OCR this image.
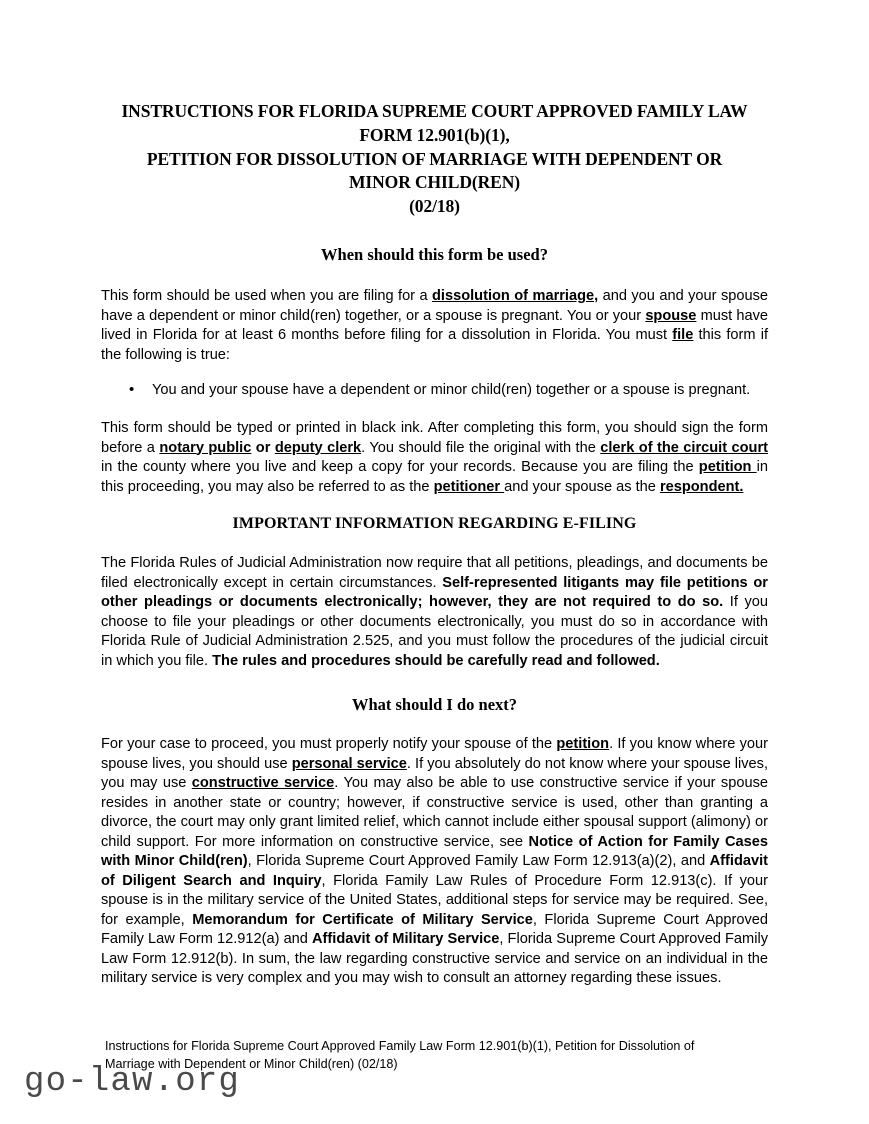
INSTRUCTIONS FOR FLORIDA SUPREME COURT APPROVED FAMILY LAW
FORM 12.901(b)(1),
PETITION FOR DISSOLUTION OF MARRIAGE WITH DEPENDENT OR
MINOR CHILD(REN)
(02/18)
When should this form be used?
This form should be used when you are filing for a dissolution of marriage, and you and your spouse have a dependent or minor child(ren) together, or a spouse is pregnant. You or your spouse must have lived in Florida for at least 6 months before filing for a dissolution in Florida. You must file this form if the following is true:
• You and your spouse have a dependent or minor child(ren) together or a spouse is pregnant.
This form should be typed or printed in black ink. After completing this form, you should sign the form before a notary public or deputy clerk. You should file the original with the clerk of the circuit court in the county where you live and keep a copy for your records. Because you are filing the petition in this proceeding, you may also be referred to as the petitioner and your spouse as the respondent.
IMPORTANT INFORMATION REGARDING E-FILING
The Florida Rules of Judicial Administration now require that all petitions, pleadings, and documents be filed electronically except in certain circumstances. Self-represented litigants may file petitions or other pleadings or documents electronically; however, they are not required to do so. If you choose to file your pleadings or other documents electronically, you must do so in accordance with Florida Rule of Judicial Administration 2.525, and you must follow the procedures of the judicial circuit in which you file. The rules and procedures should be carefully read and followed.
What should I do next?
For your case to proceed, you must properly notify your spouse of the petition. If you know where your spouse lives, you should use personal service. If you absolutely do not know where your spouse lives, you may use constructive service. You may also be able to use constructive service if your spouse resides in another state or country; however, if constructive service is used, other than granting a divorce, the court may only grant limited relief, which cannot include either spousal support (alimony) or child support. For more information on constructive service, see Notice of Action for Family Cases with Minor Child(ren), Florida Supreme Court Approved Family Law Form 12.913(a)(2), and Affidavit of Diligent Search and Inquiry, Florida Family Law Rules of Procedure Form 12.913(c). If your spouse is in the military service of the United States, additional steps for service may be required. See, for example, Memorandum for Certificate of Military Service, Florida Supreme Court Approved Family Law Form 12.912(a) and Affidavit of Military Service, Florida Supreme Court Approved Family Law Form 12.912(b). In sum, the law regarding constructive service and service on an individual in the military service is very complex and you may wish to consult an attorney regarding these issues.
Instructions for Florida Supreme Court Approved Family Law Form 12.901(b)(1), Petition for Dissolution of Marriage with Dependent or Minor Child(ren) (02/18)
go-law.org
